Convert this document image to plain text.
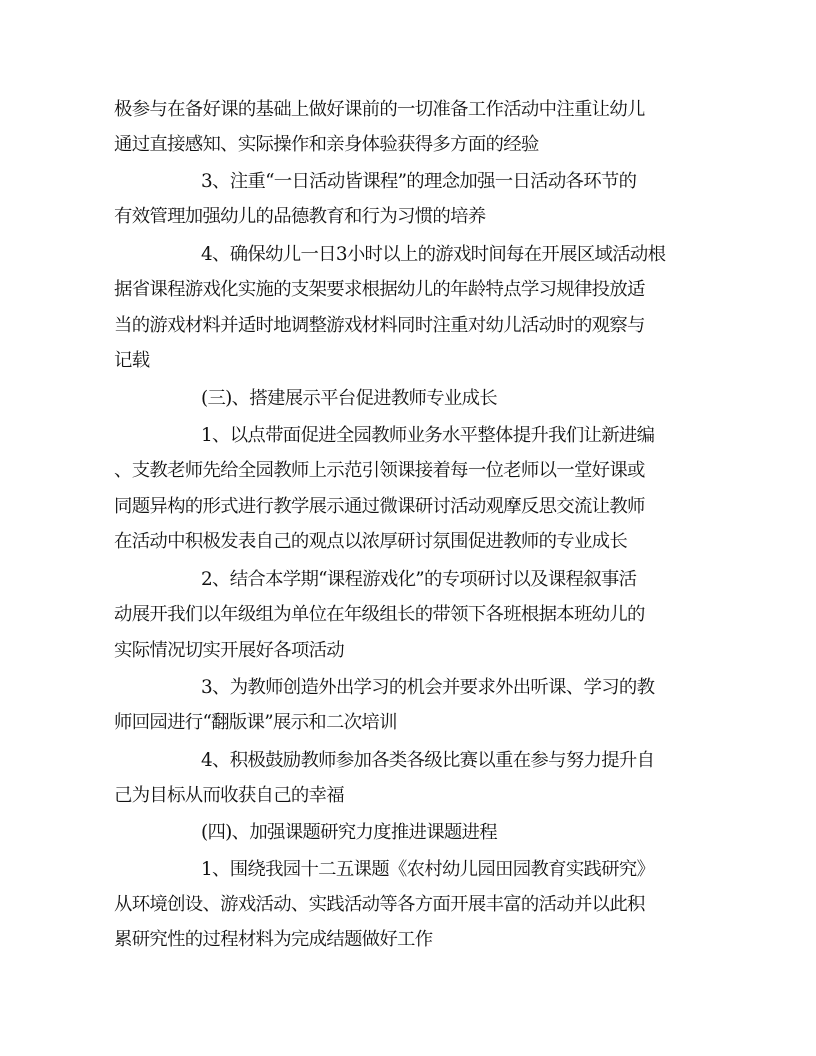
极参与在备好课的基础上做好课前的一切准备工作活动中注重让幼儿
通过直接感知、实际操作和亲身体验获得多方面的经验
3、注重“一日活动皆课程”的理念加强一日活动各环节的
有效管理加强幼儿的品德教育和行为习惯的培养
4、确保幼儿一日3小时以上的游戏时间每在开展区域活动根
据省课程游戏化实施的支架要求根据幼儿的年龄特点学习规律投放适
当的游戏材料并适时地调整游戏材料同时注重对幼儿活动时的观察与
记载
(三)、搭建展示平台促进教师专业成长
1、以点带面促进全园教师业务水平整体提升我们让新进编
、支教老师先给全园教师上示范引领课接着每一位老师以一堂好课或
同题异构的形式进行教学展示通过微课研讨活动观摩反思交流让教师
在活动中积极发表自己的观点以浓厚研讨氛围促进教师的专业成长
2、结合本学期“课程游戏化”的专项研讨以及课程叙事活
动展开我们以年级组为单位在年级组长的带领下各班根据本班幼儿的
实际情况切实开展好各项活动
3、为教师创造外出学习的机会并要求外出听课、学习的教
师回园进行“翻版课”展示和二次培训
4、积极鼓励教师参加各类各级比赛以重在参与努力提升自
己为目标从而收获自己的幸福
(四)、加强课题研究力度推进课题进程
1、围绕我园十二五课题《农村幼儿园田园教育实践研究》
从环境创设、游戏活动、实践活动等各方面开展丰富的活动并以此积
累研究性的过程材料为完成结题做好工作
